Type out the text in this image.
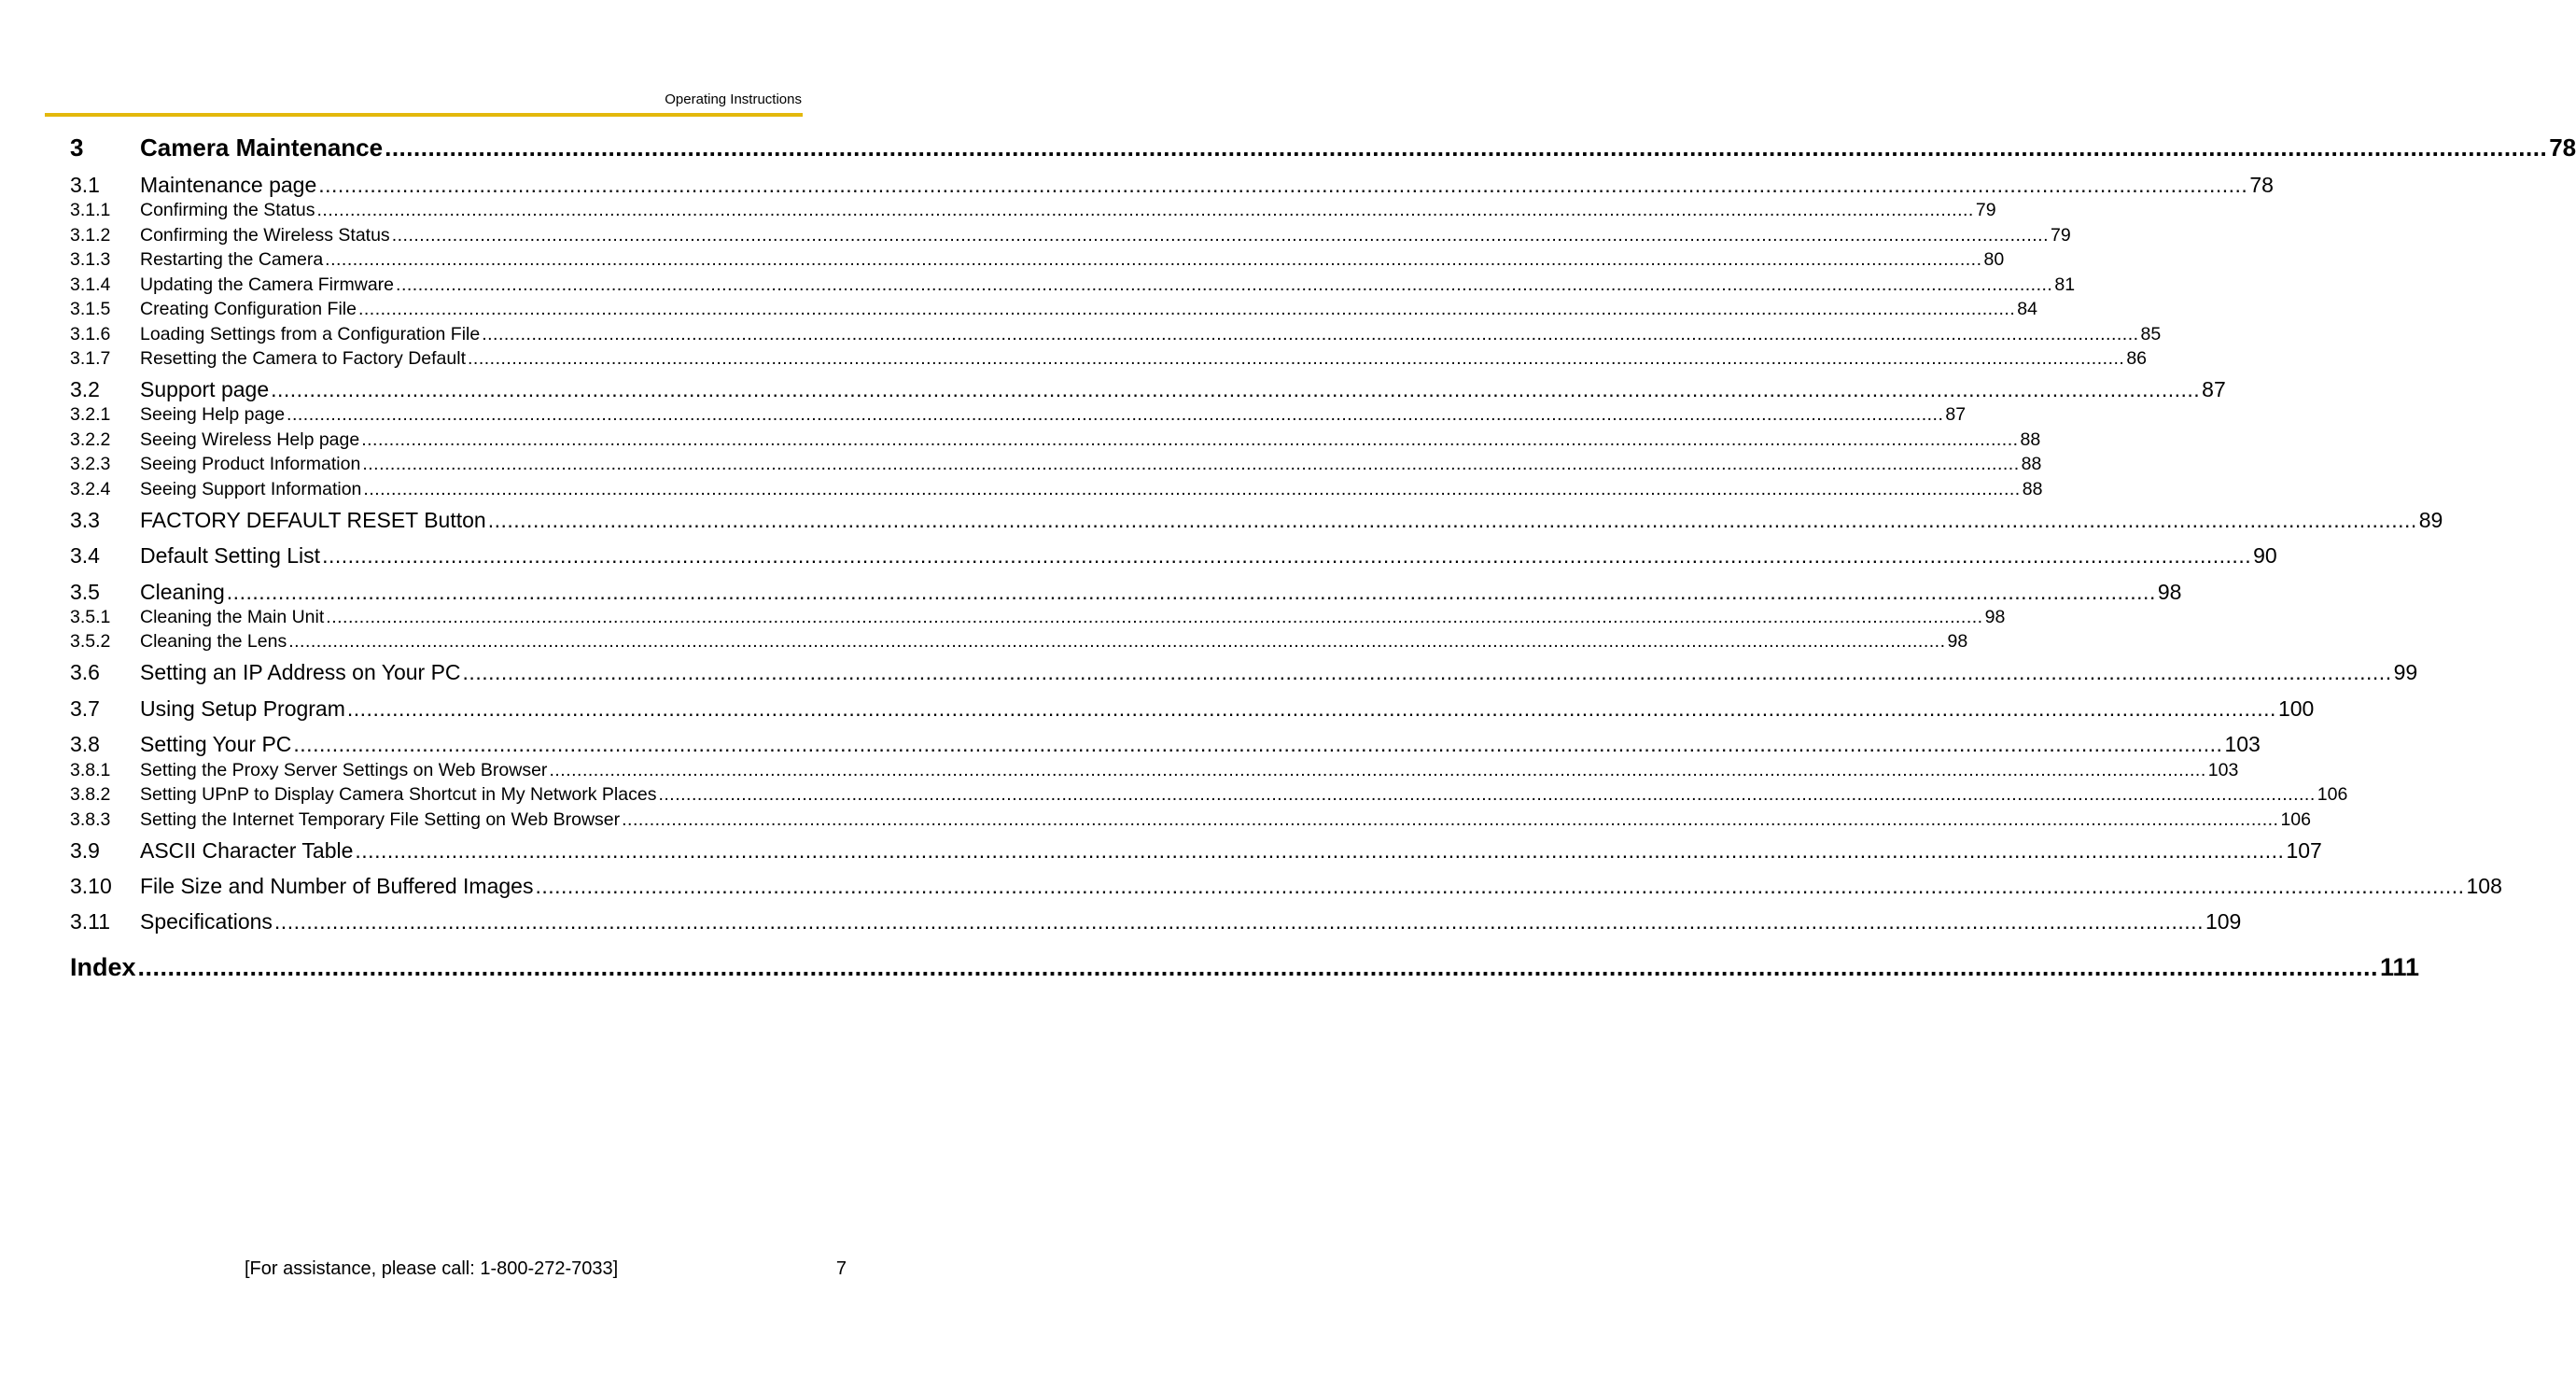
Operating Instructions
3	Camera Maintenance ............................................................................................................................................................................................................................................................................................................ 78
3.1	Maintenance page ............................................................................................................................................................................................................................................................................................................ 78
3.1.1	Confirming the Status ............................................................................................................................................................................................................................................................................................................ 79
3.1.2	Confirming the Wireless Status ............................................................................................................................................................................................................................................................................................................ 79
3.1.3	Restarting the Camera ............................................................................................................................................................................................................................................................................................................ 80
3.1.4	Updating the Camera Firmware ............................................................................................................................................................................................................................................................................................................ 81
3.1.5	Creating Configuration File ............................................................................................................................................................................................................................................................................................................ 84
3.1.6	Loading Settings from a Configuration File ............................................................................................................................................................................................................................................................................................................ 85
3.1.7	Resetting the Camera to Factory Default ............................................................................................................................................................................................................................................................................................................ 86
3.2	Support page ............................................................................................................................................................................................................................................................................................................ 87
3.2.1	Seeing Help page ............................................................................................................................................................................................................................................................................................................ 87
3.2.2	Seeing Wireless Help page ............................................................................................................................................................................................................................................................................................................ 88
3.2.3	Seeing Product Information ............................................................................................................................................................................................................................................................................................................ 88
3.2.4	Seeing Support Information ............................................................................................................................................................................................................................................................................................................ 88
3.3	FACTORY DEFAULT RESET Button ............................................................................................................................................................................................................................................................................................................ 89
3.4	Default Setting List ............................................................................................................................................................................................................................................................................................................ 90
3.5	Cleaning ............................................................................................................................................................................................................................................................................................................ 98
3.5.1	Cleaning the Main Unit ............................................................................................................................................................................................................................................................................................................ 98
3.5.2	Cleaning the Lens ............................................................................................................................................................................................................................................................................................................ 98
3.6	Setting an IP Address on Your PC ............................................................................................................................................................................................................................................................................................................ 99
3.7	Using Setup Program ............................................................................................................................................................................................................................................................................................................ 100
3.8	Setting Your PC ............................................................................................................................................................................................................................................................................................................ 103
3.8.1	Setting the Proxy Server Settings on Web Browser ............................................................................................................................................................................................................................................................................................................ 103
3.8.2	Setting UPnP to Display Camera Shortcut in My Network Places ............................................................................................................................................................................................................................................................................................................ 106
3.8.3	Setting the Internet Temporary File Setting on Web Browser ............................................................................................................................................................................................................................................................................................................ 106
3.9	ASCII Character Table ............................................................................................................................................................................................................................................................................................................ 107
3.10	File Size and Number of Buffered Images ............................................................................................................................................................................................................................................................................................................ 108
3.11	Specifications ............................................................................................................................................................................................................................................................................................................ 109
Index ............................................................................................................................................................................................................................................................................................................ 111
[For assistance, please call: 1-800-272-7033]	7
